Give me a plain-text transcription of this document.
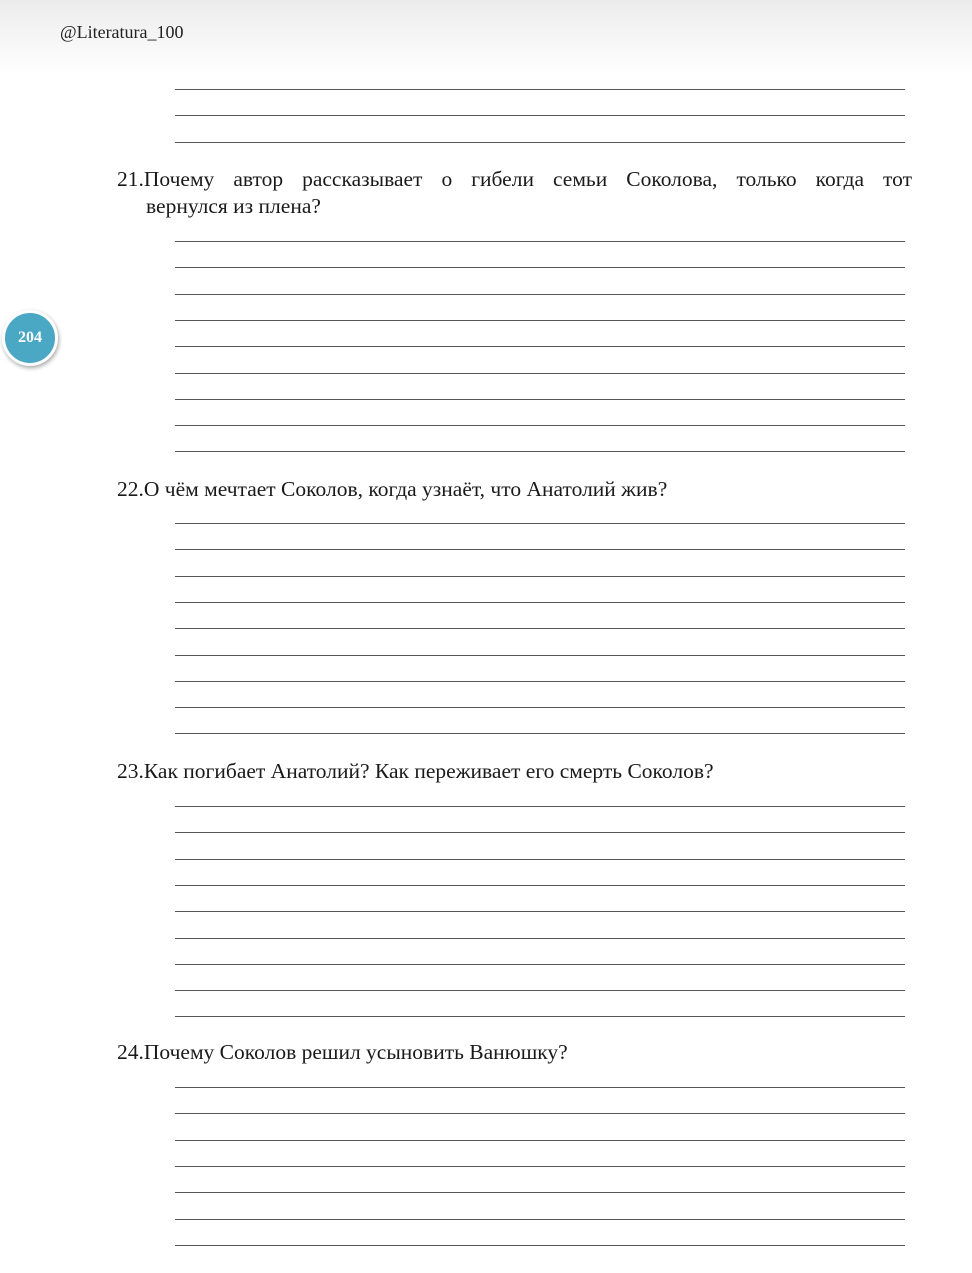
@Literatura_100
204
21.Почему автор рассказывает о гибели семьи Соколова, только когда тот
вернулся из плена?
22.О чём мечтает Соколов, когда узнаёт, что Анатолий жив?
23.Как погибает Анатолий? Как переживает его смерть Соколов?
24.Почему Соколов решил усыновить Ванюшку?
